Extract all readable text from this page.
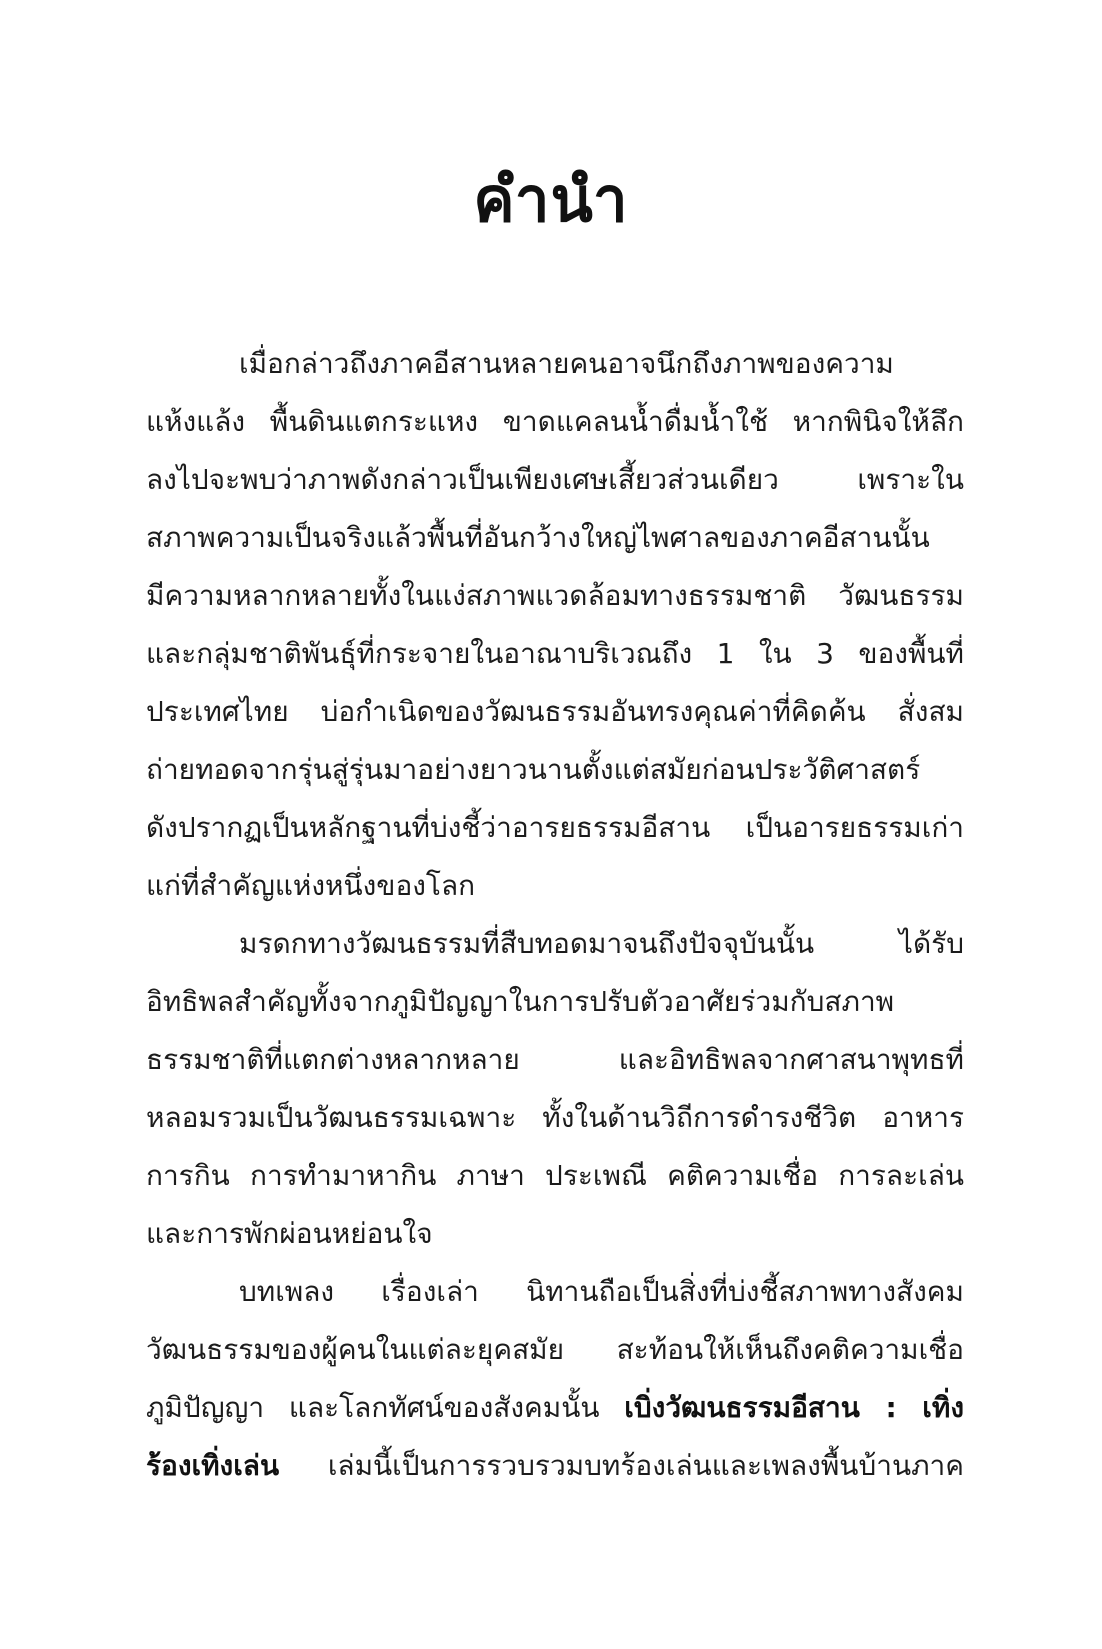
คำนำ
เมื่อกล่าวถึงภาคอีสานหลายคนอาจนึกถึงภาพของความ
แห้งแล้ง พื้นดินแตกระแหง ขาดแคลนน้ำดื่มน้ำใช้ หากพินิจให้ลึก
ลงไปจะพบว่าภาพดังกล่าวเป็นเพียงเศษเสี้ยวส่วนเดียว เพราะใน
สภาพความเป็นจริงแล้วพื้นที่อันกว้างใหญ่ไพศาลของภาคอีสานนั้น
มีความหลากหลายทั้งในแง่สภาพแวดล้อมทางธรรมชาติ วัฒนธรรม
และกลุ่มชาติพันธุ์ที่กระจายในอาณาบริเวณถึง 1 ใน 3 ของพื้นที่
ประเทศไทย บ่อกำเนิดของวัฒนธรรมอันทรงคุณค่าที่คิดค้น สั่งสม
ถ่ายทอดจากรุ่นสู่รุ่นมาอย่างยาวนานตั้งแต่สมัยก่อนประวัติศาสตร์
ดังปรากฏเป็นหลักฐานที่บ่งชี้ว่าอารยธรรมอีสาน เป็นอารยธรรมเก่า
แก่ที่สำคัญแห่งหนึ่งของโลก
มรดกทางวัฒนธรรมที่สืบทอดมาจนถึงปัจจุบันนั้น ได้รับ
อิทธิพลสำคัญทั้งจากภูมิปัญญาในการปรับตัวอาศัยร่วมกับสภาพ
ธรรมชาติที่แตกต่างหลากหลาย และอิทธิพลจากศาสนาพุทธที่
หลอมรวมเป็นวัฒนธรรมเฉพาะ ทั้งในด้านวิถีการดำรงชีวิต อาหาร
การกิน การทำมาหากิน ภาษา ประเพณี คติความเชื่อ การละเล่น
และการพักผ่อนหย่อนใจ
บทเพลง เรื่องเล่า นิทานถือเป็นสิ่งที่บ่งชี้สภาพทางสังคม
วัฒนธรรมของผู้คนในแต่ละยุคสมัย สะท้อนให้เห็นถึงคติความเชื่อ
ภูมิปัญญา และโลกทัศน์ของสังคมนั้น เบิ่งวัฒนธรรมอีสาน : เทิ่ง
ร้องเทิ่งเล่น เล่มนี้เป็นการรวบรวมบทร้องเล่นและเพลงพื้นบ้านภาค
